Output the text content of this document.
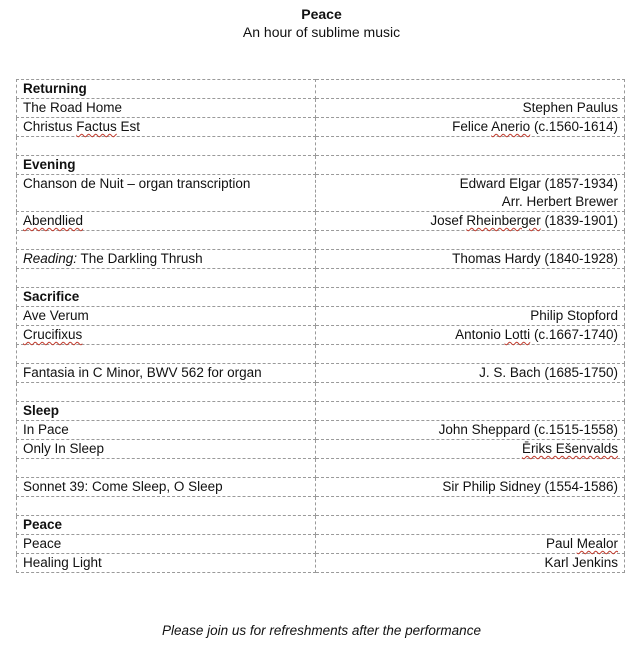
Peace
An hour of sublime music
Returning	
The Road Home	Stephen Paulus
Christus Factus Est	Felice Anerio (c.1560-1614)

Evening	
Chanson de Nuit – organ transcription	Edward Elgar (1857-1934)
Arr. Herbert Brewer

Abendlied	Josef Rheinberger (1839-1901)

Reading: The Darkling Thrush	Thomas Hardy (1840-1928)

Sacrifice	
Ave Verum	Philip Stopford
Crucifixus	Antonio Lotti (c.1667-1740)

Fantasia in C Minor, BWV 562 for organ	J. S. Bach (1685-1750)

Sleep	
In Pace	John Sheppard (c.1515-1558)
Only In Sleep	Ēriks Ešenvalds

Sonnet 39: Come Sleep, O Sleep	Sir Philip Sidney (1554-1586)

Peace	
Peace	Paul Mealor
Healing Light	Karl Jenkins
Please join us for refreshments after the performance
